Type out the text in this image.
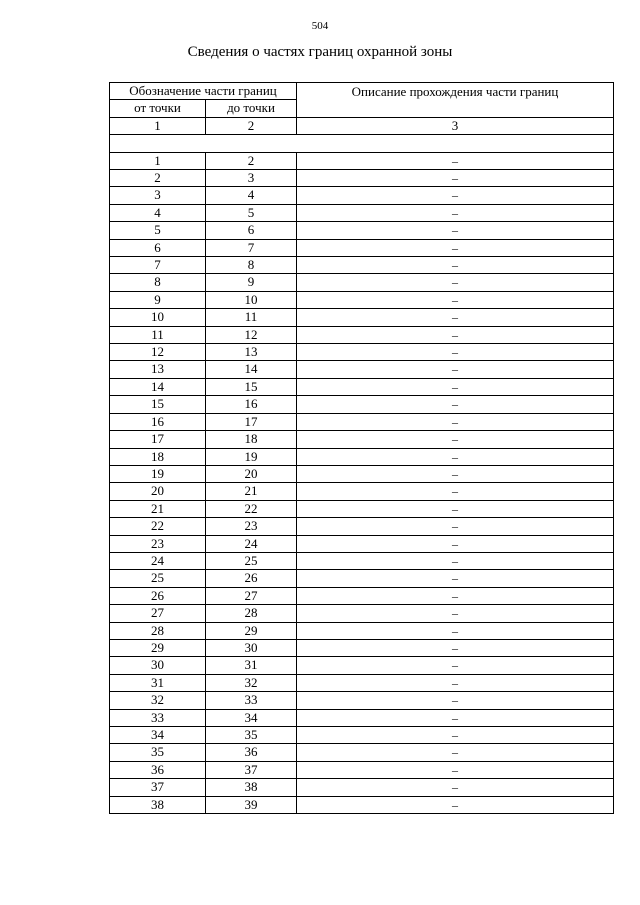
504
Сведения о частях границ охранной зоны
Обозначение части границ		Описание прохождения части границ
от точки	до точки	
1	2	3

1	2	–
2	3	–
3	4	–
4	5	–
5	6	–
6	7	–
7	8	–
8	9	–
9	10	–
10	11	–
11	12	–
12	13	–
13	14	–
14	15	–
15	16	–
16	17	–
17	18	–
18	19	–
19	20	–
20	21	–
21	22	–
22	23	–
23	24	–
24	25	–
25	26	–
26	27	–
27	28	–
28	29	–
29	30	–
30	31	–
31	32	–
32	33	–
33	34	–
34	35	–
35	36	–
36	37	–
37	38	–
38	39	–
